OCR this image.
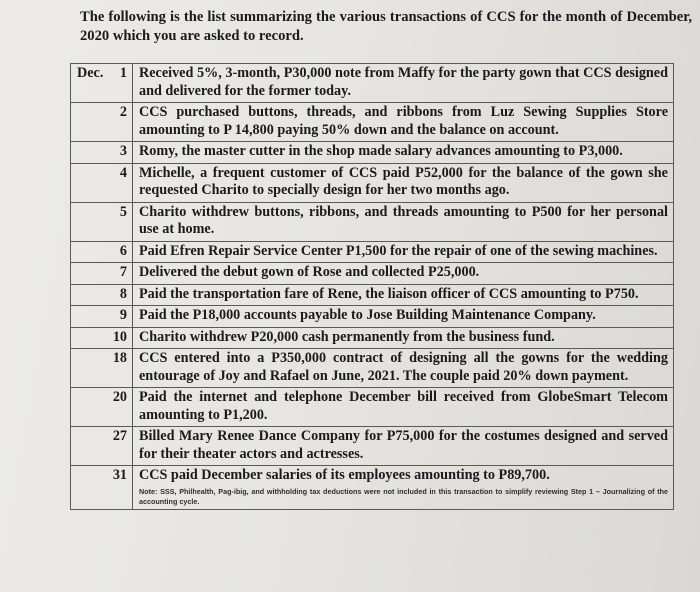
The following is the list summarizing the various transactions of CCS for the month of December, 2020 which you are asked to record.
Dec. 1	Received 5%, 3-month, P30,000 note from Maffy for the party gown that CCS designed and delivered for the former today.
2	CCS purchased buttons, threads, and ribbons from Luz Sewing Supplies Store amounting to P 14,800 paying 50% down and the balance on account.
3	Romy, the master cutter in the shop made salary advances amounting to P3,000.
4	Michelle, a frequent customer of CCS paid P52,000 for the balance of the gown she requested Charito to specially design for her two months ago.
5	Charito withdrew buttons, ribbons, and threads amounting to P500 for her personal use at home.
6	Paid Efren Repair Service Center P1,500 for the repair of one of the sewing machines.
7	Delivered the debut gown of Rose and collected P25,000.
8	Paid the transportation fare of Rene, the liaison officer of CCS amounting to P750.
9	Paid the P18,000 accounts payable to Jose Building Maintenance Company.
10	Charito withdrew P20,000 cash permanently from the business fund.
18	CCS entered into a P350,000 contract of designing all the gowns for the wedding entourage of Joy and Rafael on June, 2021. The couple paid 20% down payment.
20	Paid the internet and telephone December bill received from GlobeSmart Telecom amounting to P1,200.
27	Billed Mary Renee Dance Company for P75,000 for the costumes designed and served for their theater actors and actresses.
31	CCS paid December salaries of its employees amounting to P89,700.
Note: SSS, Philhealth, Pag-ibig, and withholding tax deductions were not included in this transaction to simplify reviewing Step 1 – Journalizing of the accounting cycle.
